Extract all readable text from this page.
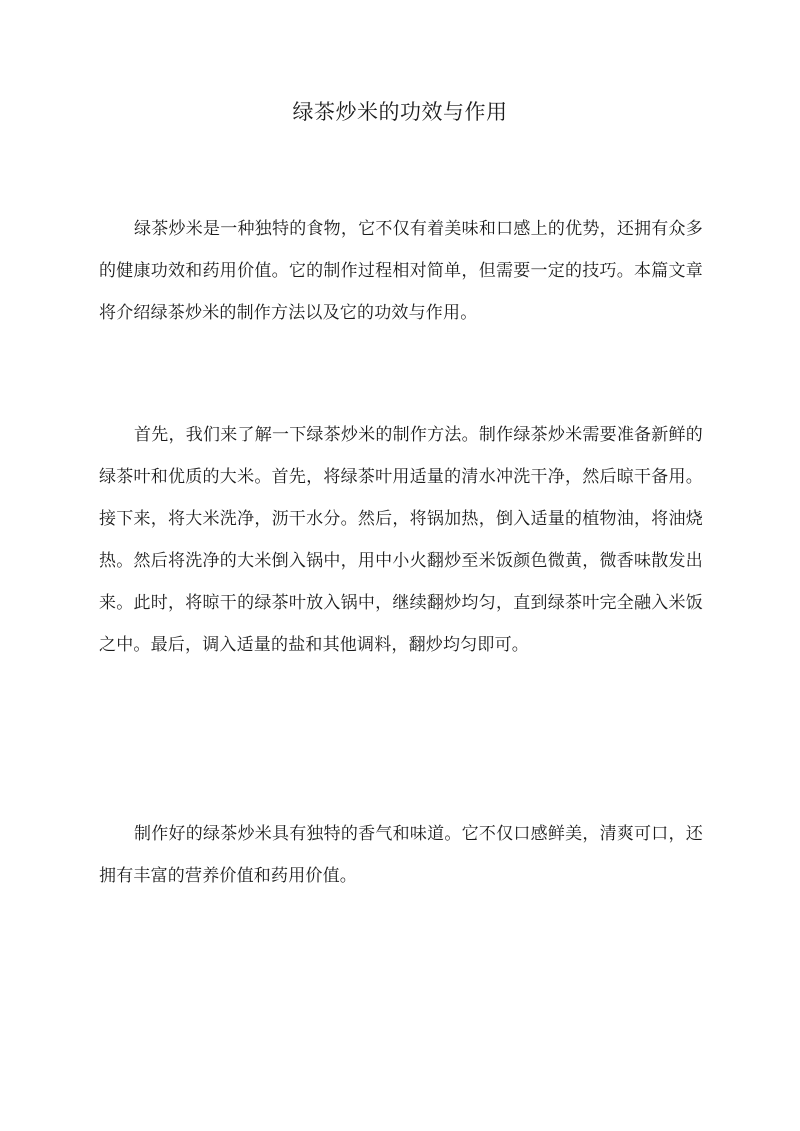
绿茶炒米的功效与作用

绿茶炒米是一种独特的食物，它不仅有着美味和口感上的优势，还拥有众多的健康功效和药用价值。它的制作过程相对简单，但需要一定的技巧。本篇文章将介绍绿茶炒米的制作方法以及它的功效与作用。

首先，我们来了解一下绿茶炒米的制作方法。制作绿茶炒米需要准备新鲜的绿茶叶和优质的大米。首先，将绿茶叶用适量的清水冲洗干净，然后晾干备用。接下来，将大米洗净，沥干水分。然后，将锅加热，倒入适量的植物油，将油烧热。然后将洗净的大米倒入锅中，用中小火翻炒至米饭颜色微黄，微香味散发出来。此时，将晾干的绿茶叶放入锅中，继续翻炒均匀，直到绿茶叶完全融入米饭之中。最后，调入适量的盐和其他调料，翻炒均匀即可。

制作好的绿茶炒米具有独特的香气和味道。它不仅口感鲜美，清爽可口，还拥有丰富的营养价值和药用价值。
